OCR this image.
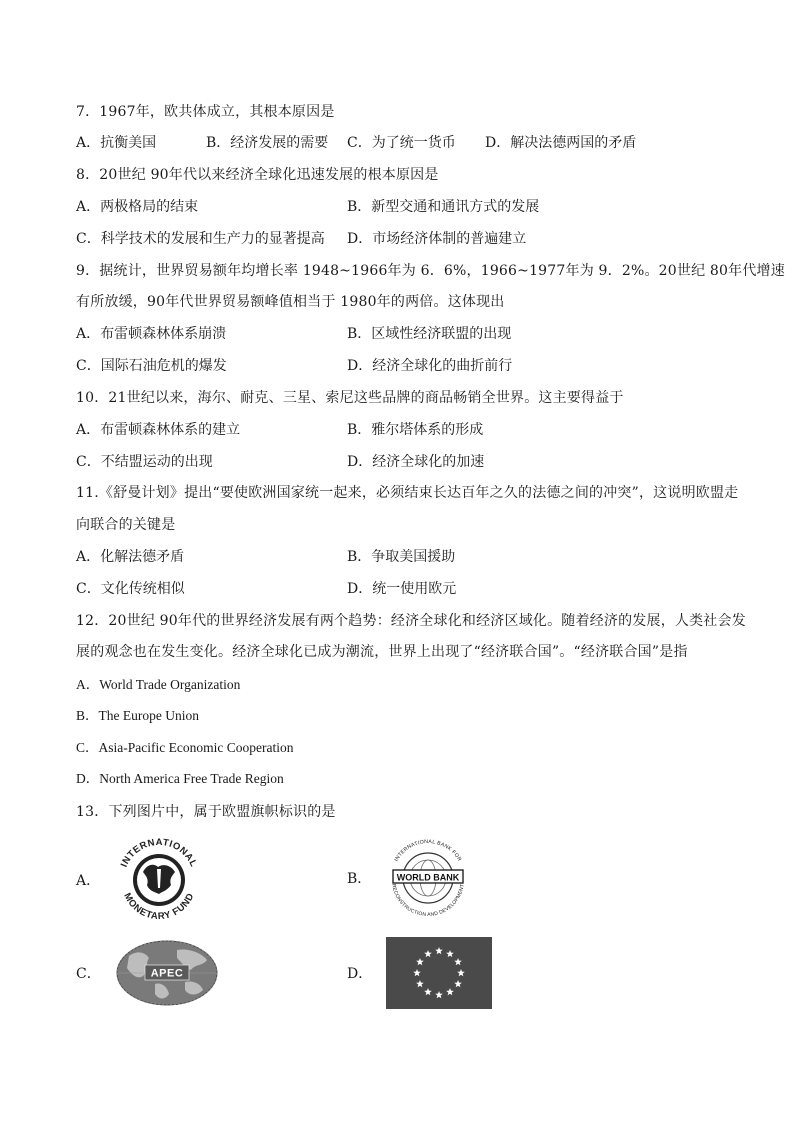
7．1967年，欧共体成立，其根本原因是
A．抗衡美国	B．经济发展的需要 C．为了统一货币 D．解决法德两国的矛盾
8．20世纪 90年代以来经济全球化迅速发展的根本原因是
A．两极格局的结束	B．新型交通和通讯方式的发展
C．科学技术的发展和生产力的显著提高 D．市场经济体制的普遍建立
9．据统计，世界贸易额年均增长率 1948~1966年为 6．6%，1966~1977年为 9．2%。20世纪 80年代增速
有所放缓，90年代世界贸易额峰值相当于 1980年的两倍。这体现出
A．布雷顿森林体系崩溃	B．区域性经济联盟的出现
C．国际石油危机的爆发	D．经济全球化的曲折前行
10．21世纪以来，海尔、耐克、三星、索尼这些品牌的商品畅销全世界。这主要得益于
A．布雷顿森林体系的建立	B．雅尔塔体系的形成
C．不结盟运动的出现	D．经济全球化的加速
11.《舒曼计划》提出“要使欧洲国家统一起来，必须结束长达百年之久的法德之间的冲突”，这说明欧盟走
向联合的关键是
A．化解法德矛盾	B．争取美国援助
C．文化传统相似	D．统一使用欧元
12．20世纪 90年代的世界经济发展有两个趋势：经济全球化和经济区域化。随着经济的发展，人类社会发
展的观念也在发生变化。经济全球化已成为潮流，世界上出现了“经济联合国”。“经济联合国”是指
A．World Trade Organization
B．The Europe Union
C．Asia-Pacific Economic Cooperation
D．North America Free Trade Region
13．下列图片中，属于欧盟旗帜标识的是
A．
INTERNATIONAL
MONETARY FUND
B．	WORLD BANK
INTERNATIONAL BANK FOR
RECONSTRUCTION AND DEVELOPMENT
C．	APEC	D．
